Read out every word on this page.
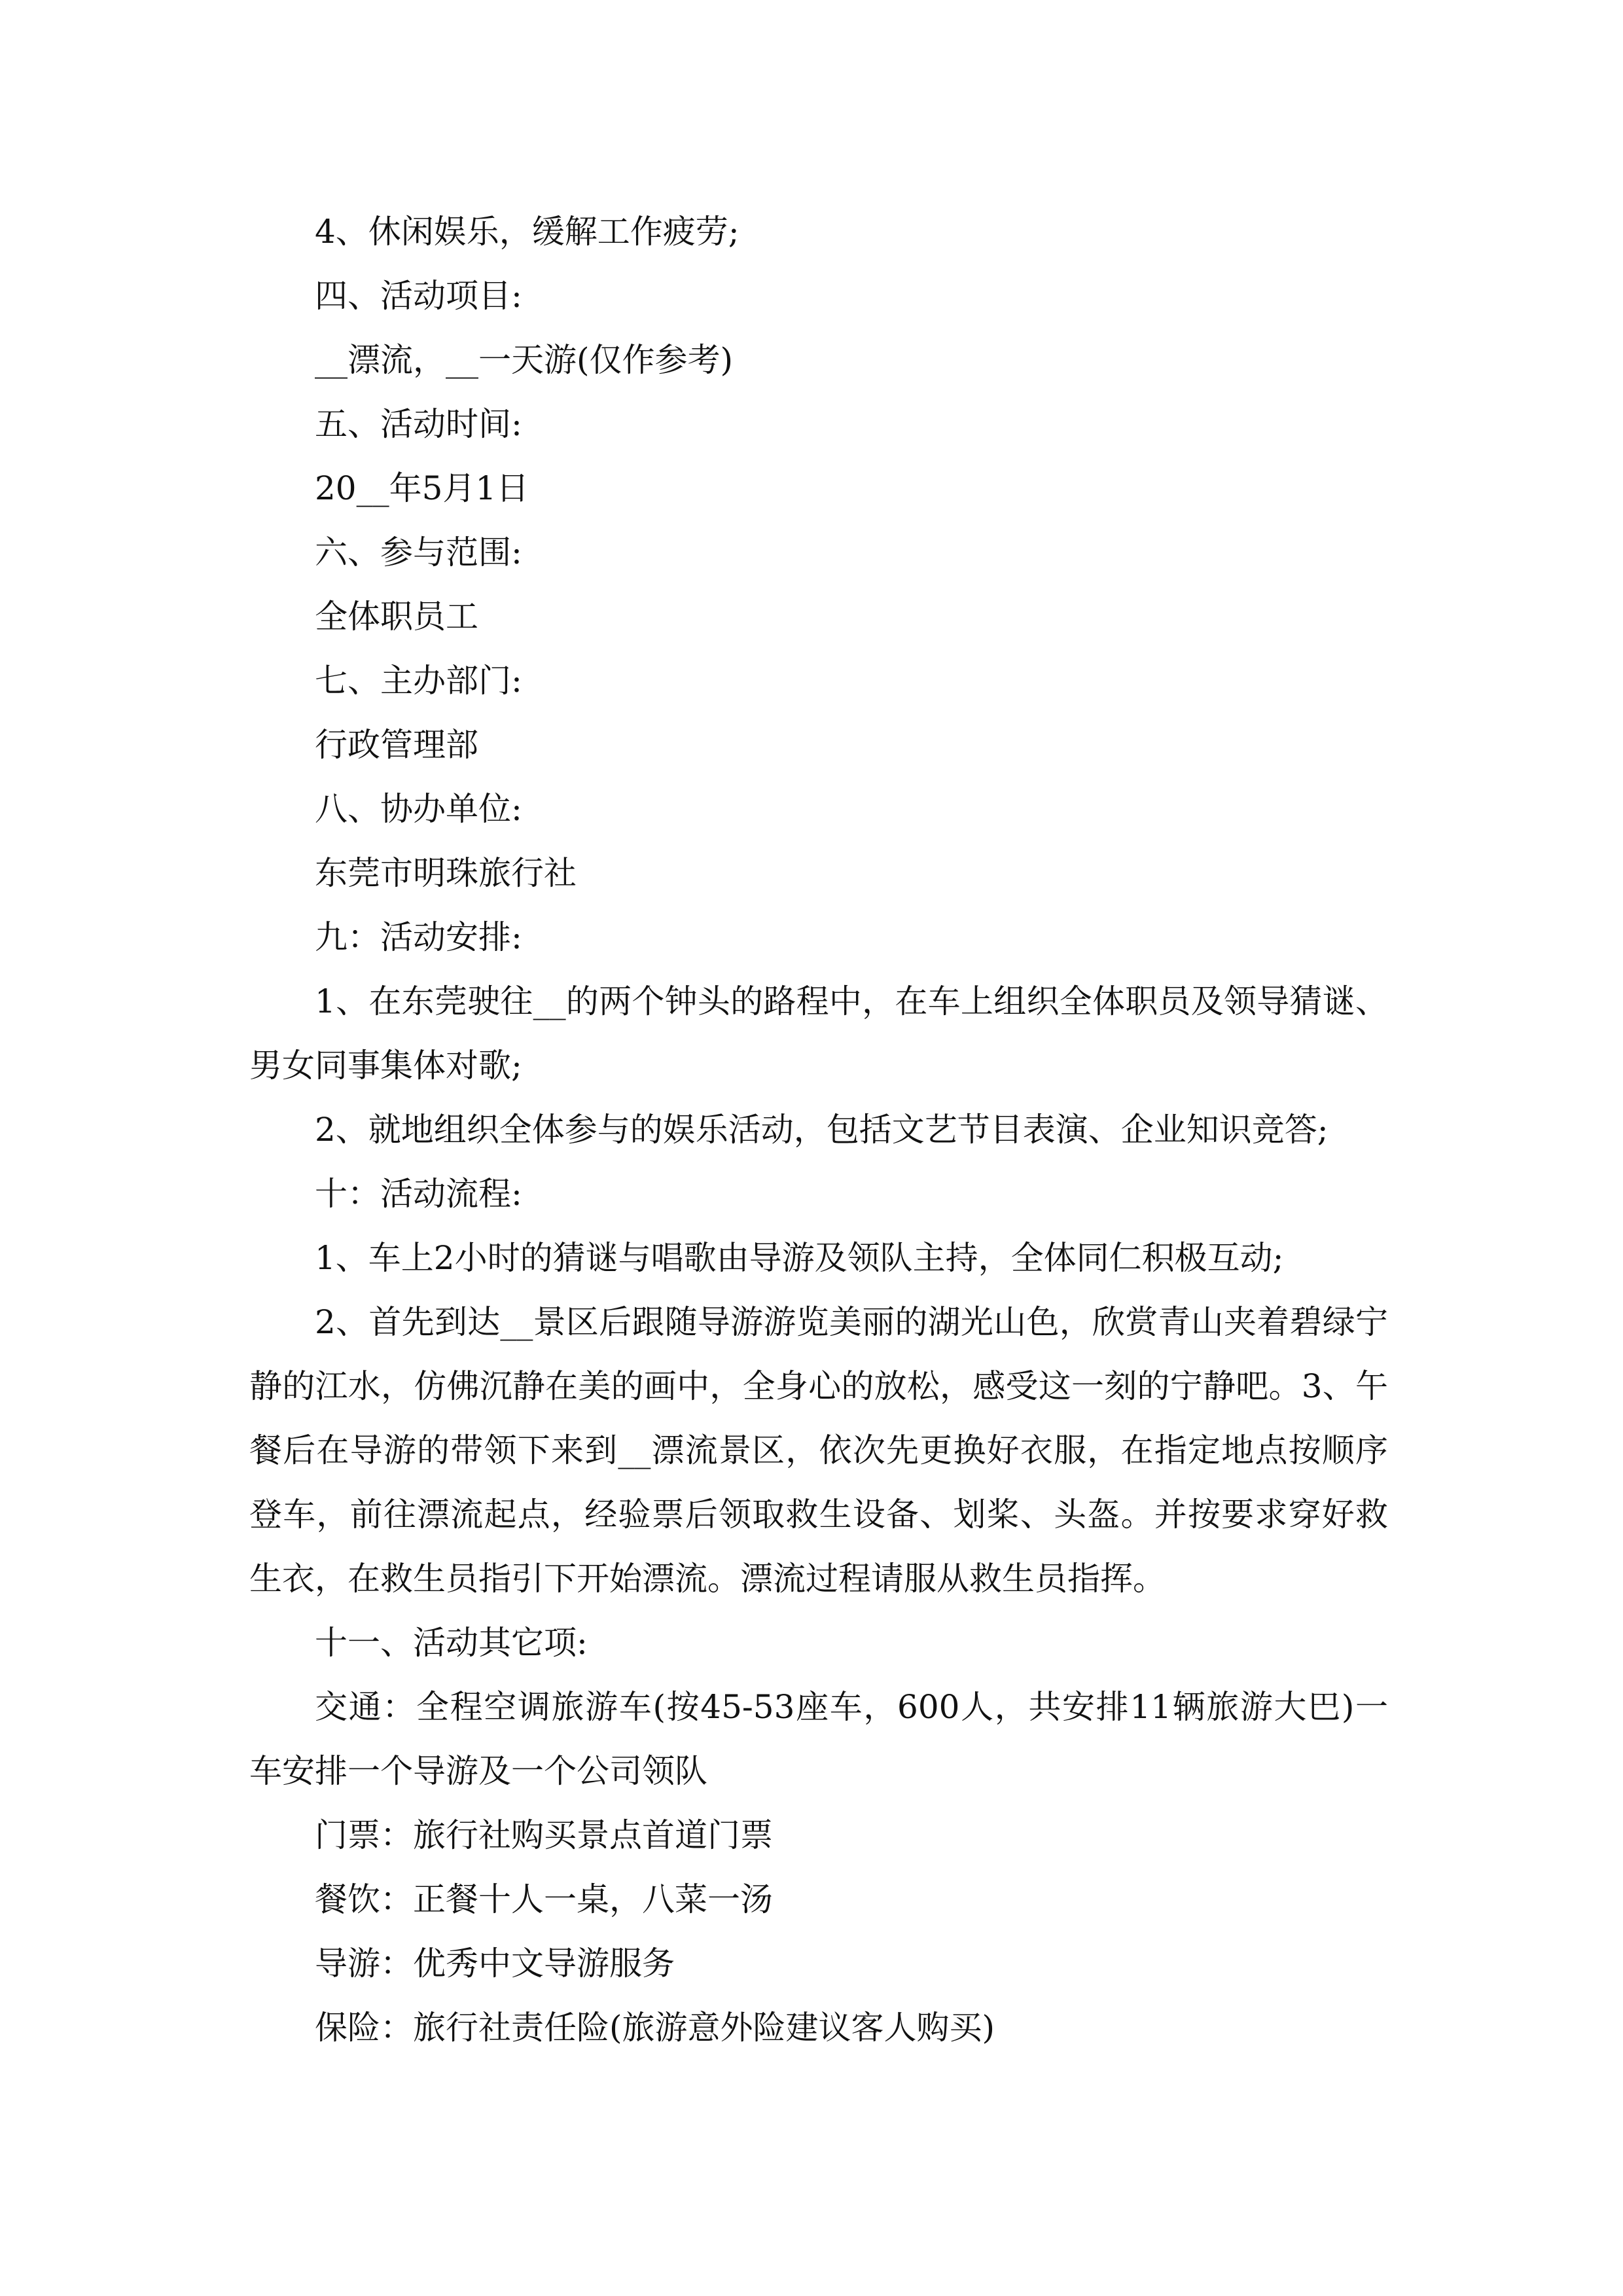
4、休闲娱乐，缓解工作疲劳;
四、活动项目:
__漂流，__一天游(仅作参考)
五、活动时间:
20__年5月1日
六、参与范围:
全体职员工
七、主办部门:
行政管理部
八、协办单位:
东莞市明珠旅行社
九：活动安排:
1、在东莞驶往__的两个钟头的路程中，在车上组织全体职员及领导猜谜、男女同事集体对歌;
2、就地组织全体参与的娱乐活动，包括文艺节目表演、企业知识竞答;
十：活动流程:
1、车上2小时的猜谜与唱歌由导游及领队主持，全体同仁积极互动;
2、首先到达__景区后跟随导游游览美丽的湖光山色，欣赏青山夹着碧绿宁静的江水，仿佛沉静在美的画中，全身心的放松，感受这一刻的宁静吧。3、午餐后在导游的带领下来到__漂流景区，依次先更换好衣服，在指定地点按顺序登车，前往漂流起点，经验票后领取救生设备、划桨、头盔。并按要求穿好救生衣，在救生员指引下开始漂流。漂流过程请服从救生员指挥。
十一、活动其它项:
交通：全程空调旅游车(按45-53座车，600人，共安排11辆旅游大巴)一车安排一个导游及一个公司领队
门票：旅行社购买景点首道门票
餐饮：正餐十人一桌，八菜一汤
导游：优秀中文导游服务
保险：旅行社责任险(旅游意外险建议客人购买)
